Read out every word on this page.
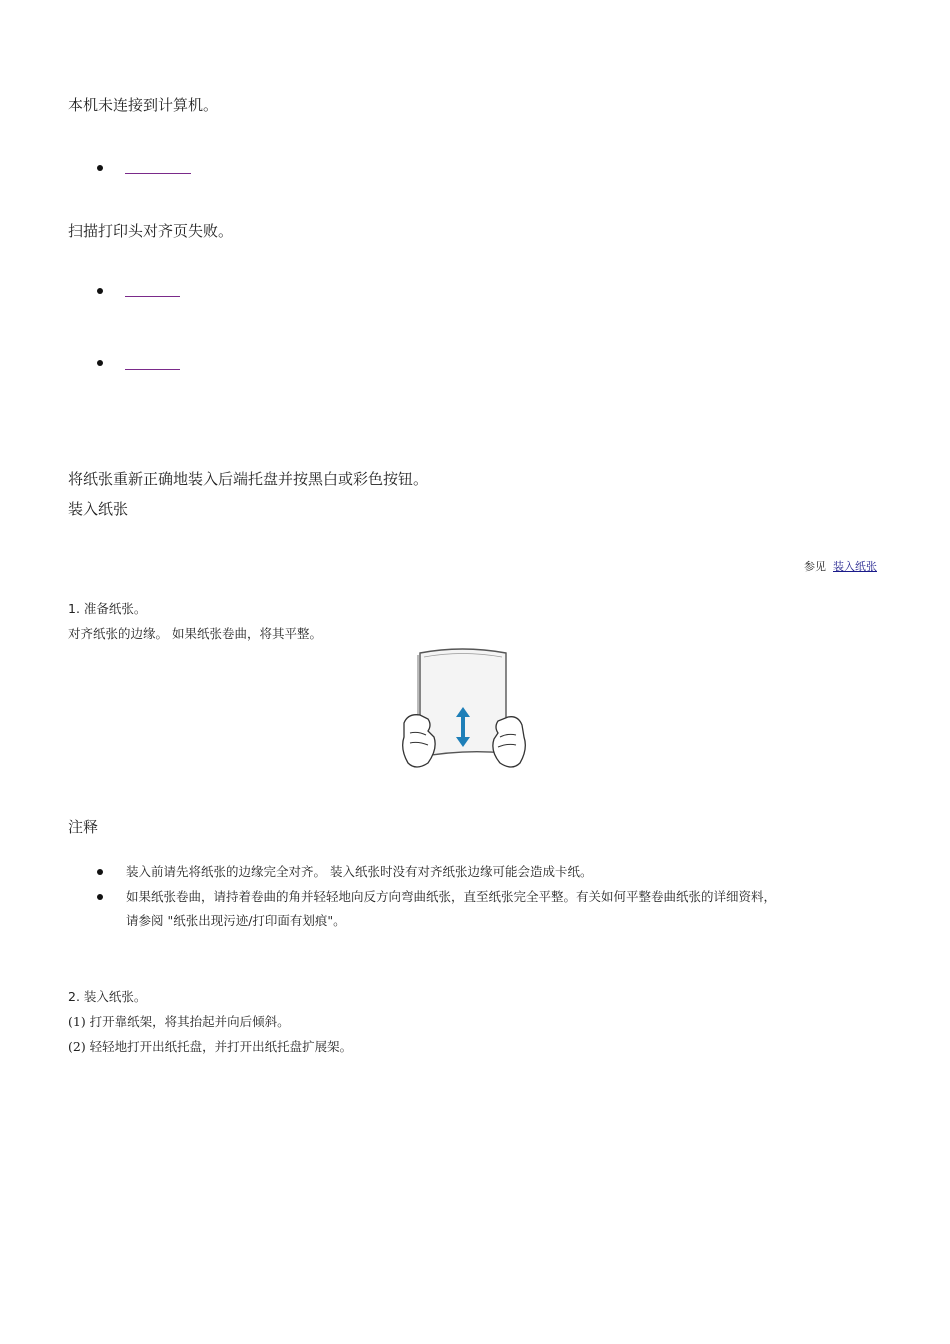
本机未连接到计算机。
扫描打印头对齐页失败。
将纸张重新正确地装入后端托盘并按黑白或彩色按钮。
装入纸张
参见 装入纸张
1. 准备纸张。
对齐纸张的边缘。 如果纸张卷曲，将其平整。
注释
装入前请先将纸张的边缘完全对齐。 装入纸张时没有对齐纸张边缘可能会造成卡纸。
如果纸张卷曲，请持着卷曲的角并轻轻地向反方向弯曲纸张，直至纸张完全平整。有关如何平整卷曲纸张的详细资料，
请参阅 "纸张出现污迹/打印面有划痕"。
2. 装入纸张。
(1) 打开靠纸架，将其抬起并向后倾斜。
(2) 轻轻地打开出纸托盘，并打开出纸托盘扩展架。
